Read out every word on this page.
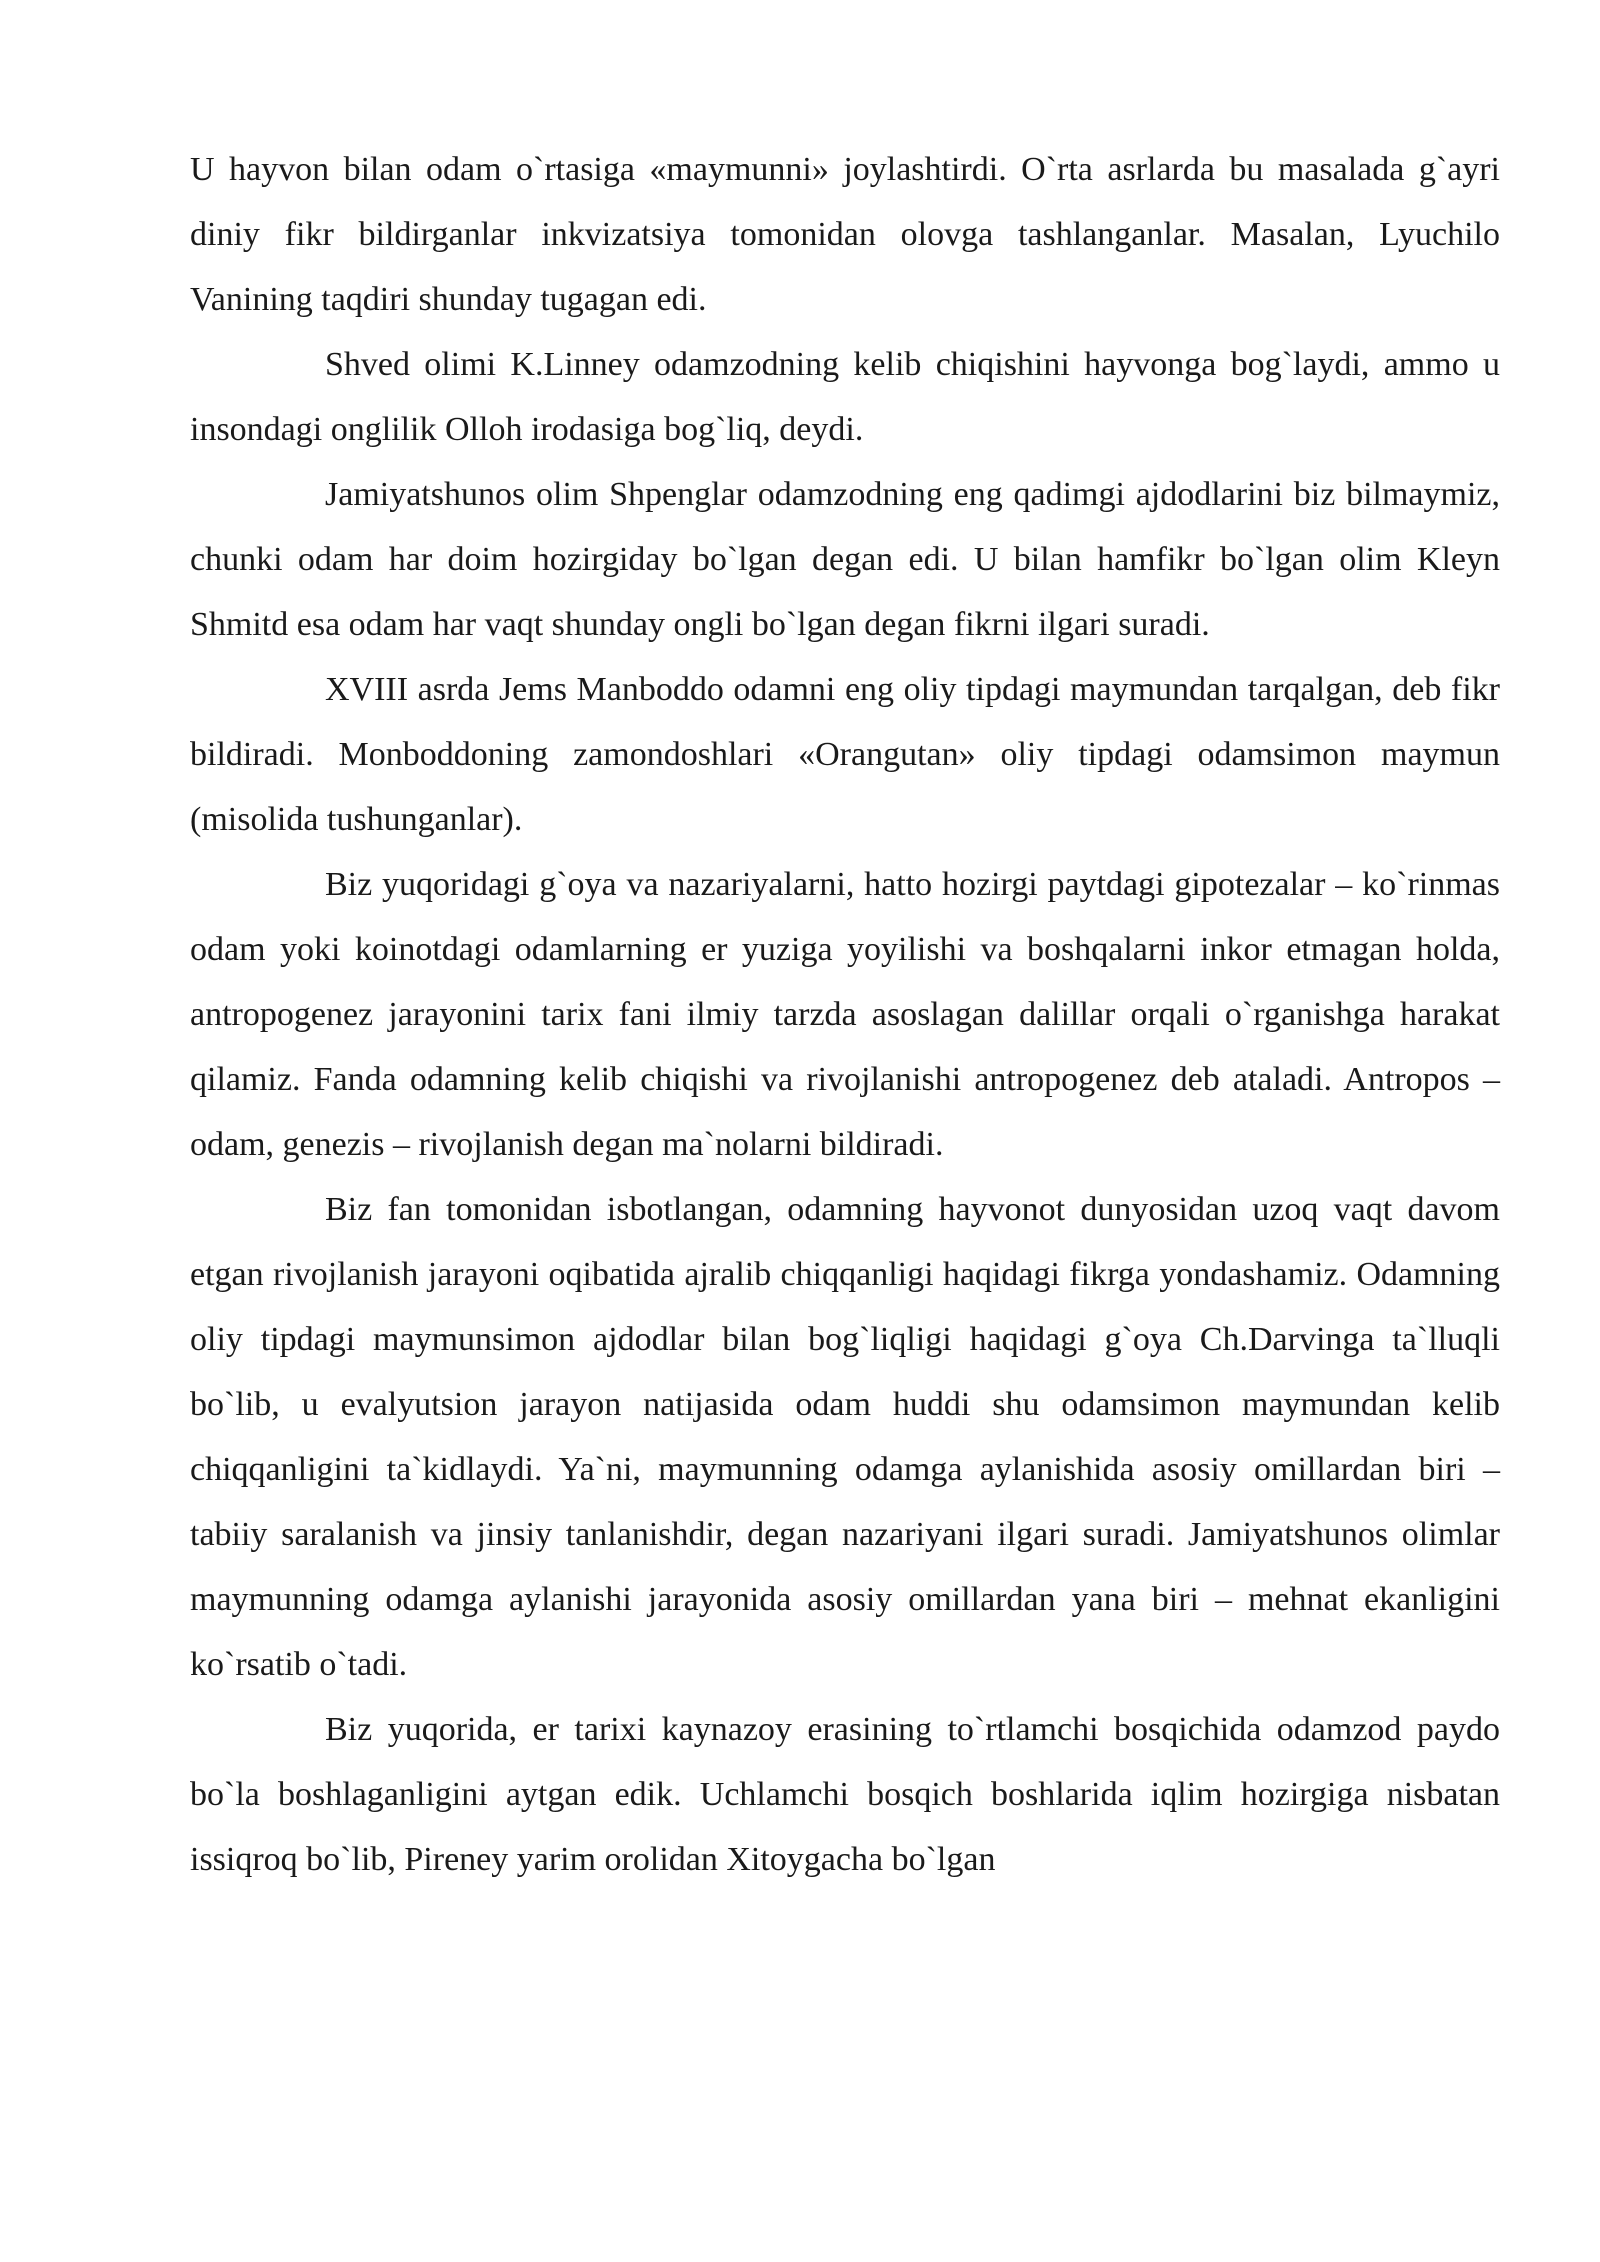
U hayvon bilan odam o`rtasiga «maymunni» joylashtirdi. O`rta asrlarda bu masalada g`ayri diniy fikr bildirganlar inkvizatsiya tomonidan olovga tashlanganlar. Masalan, Lyuchilo Vanining taqdiri shunday tugagan edi.

Shved olimi K.Linney odamzodning kelib chiqishini hayvonga bog`laydi, ammo u insondagi onglilik Olloh irodasiga bog`liq, deydi.

Jamiyatshunos olim Shpenglar odamzodning eng qadimgi ajdodlarini biz bilmaymiz, chunki odam har doim hozirgiday bo`lgan degan edi. U bilan hamfikr bo`lgan olim Kleyn Shmitd esa odam har vaqt shunday ongli bo`lgan degan fikrni ilgari suradi.

XVIII asrda Jems Manboddo odamni eng oliy tipdagi maymundan tarqalgan, deb fikr bildiradi. Monboddoning zamondoshlari «Orangutan» oliy tipdagi odamsimon maymun (misolida tushunganlar).

Biz yuqoridagi g`oya va nazariyalarni, hatto hozirgi paytdagi gipotezalar – ko`rinmas odam yoki koinotdagi odamlarning er yuziga yoyilishi va boshqalarni inkor etmagan holda, antropogenez jarayonini tarix fani ilmiy tarzda asoslagan dalillar orqali o`rganishga harakat qilamiz. Fanda odamning kelib chiqishi va rivojlanishi antropogenez deb ataladi. Antropos – odam, genezis – rivojlanish degan ma`nolarni bildiradi.

Biz fan tomonidan isbotlangan, odamning hayvonot dunyosidan uzoq vaqt davom etgan rivojlanish jarayoni oqibatida ajralib chiqqanligi haqidagi fikrga yondashamiz. Odamning oliy tipdagi maymunsimon ajdodlar bilan bog`liqligi haqidagi g`oya Ch.Darvinga ta`lluqli bo`lib, u evalyutsion jarayon natijasida odam huddi shu odamsimon maymundan kelib chiqqanligini ta`kidlaydi. Ya`ni, maymunning odamga aylanishida asosiy omillardan biri – tabiiy saralanish va jinsiy tanlanishdir, degan nazariyani ilgari suradi. Jamiyatshunos olimlar maymunning odamga aylanishi jarayonida asosiy omillardan yana biri – mehnat ekanligini ko`rsatib o`tadi.

Biz yuqorida, er tarixi kaynazoy erasining to`rtlamchi bosqichida odamzod paydo bo`la boshlaganligini aytgan edik. Uchlamchi bosqich boshlarida iqlim hozirgiga nisbatan issiqroq bo`lib, Pireney yarim orolidan Xitoygacha bo`lgan
